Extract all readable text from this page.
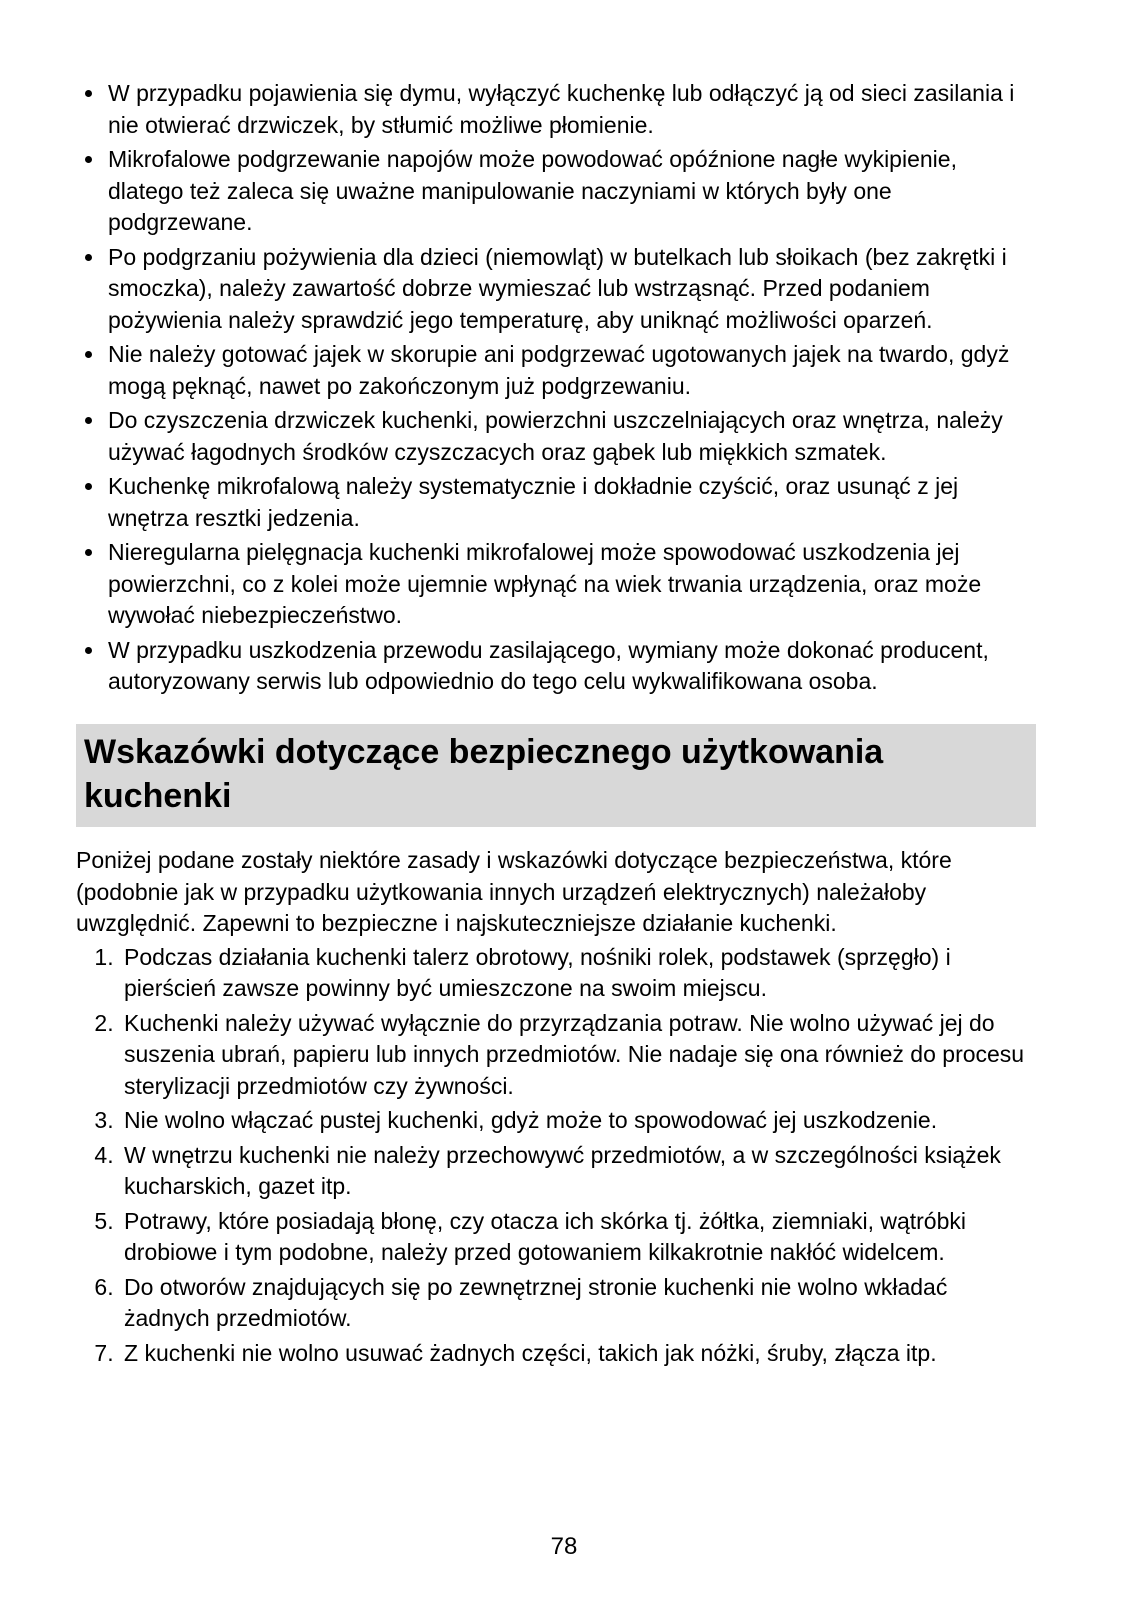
• W przypadku pojawienia się dymu, wyłączyć kuchenkę lub odłączyć ją od sieci zasilania i nie otwierać drzwiczek, by stłumić możliwe płomienie.
• Mikrofalowe podgrzewanie napojów może powodować opóźnione nagłe wykipienie, dlatego też zaleca się uważne manipulowanie naczyniami w których były one podgrzewane.
• Po podgrzaniu pożywienia dla dzieci (niemowląt) w butelkach lub słoikach (bez zakrętki i smoczka), należy zawartość dobrze wymieszać lub wstrząsnąć. Przed podaniem pożywienia należy sprawdzić jego temperaturę, aby uniknąć możliwości oparzeń.
• Nie należy gotować jajek w skorupie ani podgrzewać ugotowanych jajek na twardo, gdyż mogą pęknąć, nawet po zakończonym już podgrzewaniu.
• Do czyszczenia drzwiczek kuchenki, powierzchni uszczelniających oraz wnętrza, należy używać łagodnych środków czyszczacych oraz gąbek lub miękkich szmatek.
• Kuchenkę mikrofalową należy systematycznie i dokładnie czyścić, oraz usunąć z jej wnętrza resztki jedzenia.
• Nieregularna pielęgnacja kuchenki mikrofalowej może spowodować uszkodzenia jej powierzchni, co z kolei może ujemnie wpłynąć na wiek trwania urządzenia, oraz może wywołać niebezpieczeństwo.
• W przypadku uszkodzenia przewodu zasilającego, wymiany może dokonać producent, autoryzowany serwis lub odpowiednio do tego celu wykwalifikowana osoba.
Wskazówki dotyczące bezpiecznego użytkowania kuchenki

Poniżej podane zostały niektóre zasady i wskazówki dotyczące bezpieczeństwa, które (podobnie jak w przypadku użytkowania innych urządzeń elektrycznych) należałoby uwzględnić. Zapewni to bezpieczne i najskuteczniejsze działanie kuchenki.

1. Podczas działania kuchenki talerz obrotowy, nośniki rolek, podstawek (sprzęgło) i pierścień zawsze powinny być umieszczone na swoim miejscu.
2. Kuchenki należy używać wyłącznie do przyrządzania potraw. Nie wolno używać jej do suszenia ubrań, papieru lub innych przedmiotów. Nie nadaje się ona również do procesu sterylizacji przedmiotów czy żywności.
3. Nie wolno włączać pustej kuchenki, gdyż może to spowodować jej uszkodzenie.
4. W wnętrzu kuchenki nie należy przechowywć przedmiotów, a w szczególności książek kucharskich, gazet itp.
5. Potrawy, które posiadają błonę, czy otacza ich skórka tj. żółtka, ziemniaki, wątróbki drobiowe i tym podobne, należy przed gotowaniem kilkakrotnie nakłóć widelcem.
6. Do otworów znajdujących się po zewnętrznej stronie kuchenki nie wolno wkładać żadnych przedmiotów.
7. Z kuchenki nie wolno usuwać żadnych części, takich jak nóżki, śruby, złącza itp.
78
